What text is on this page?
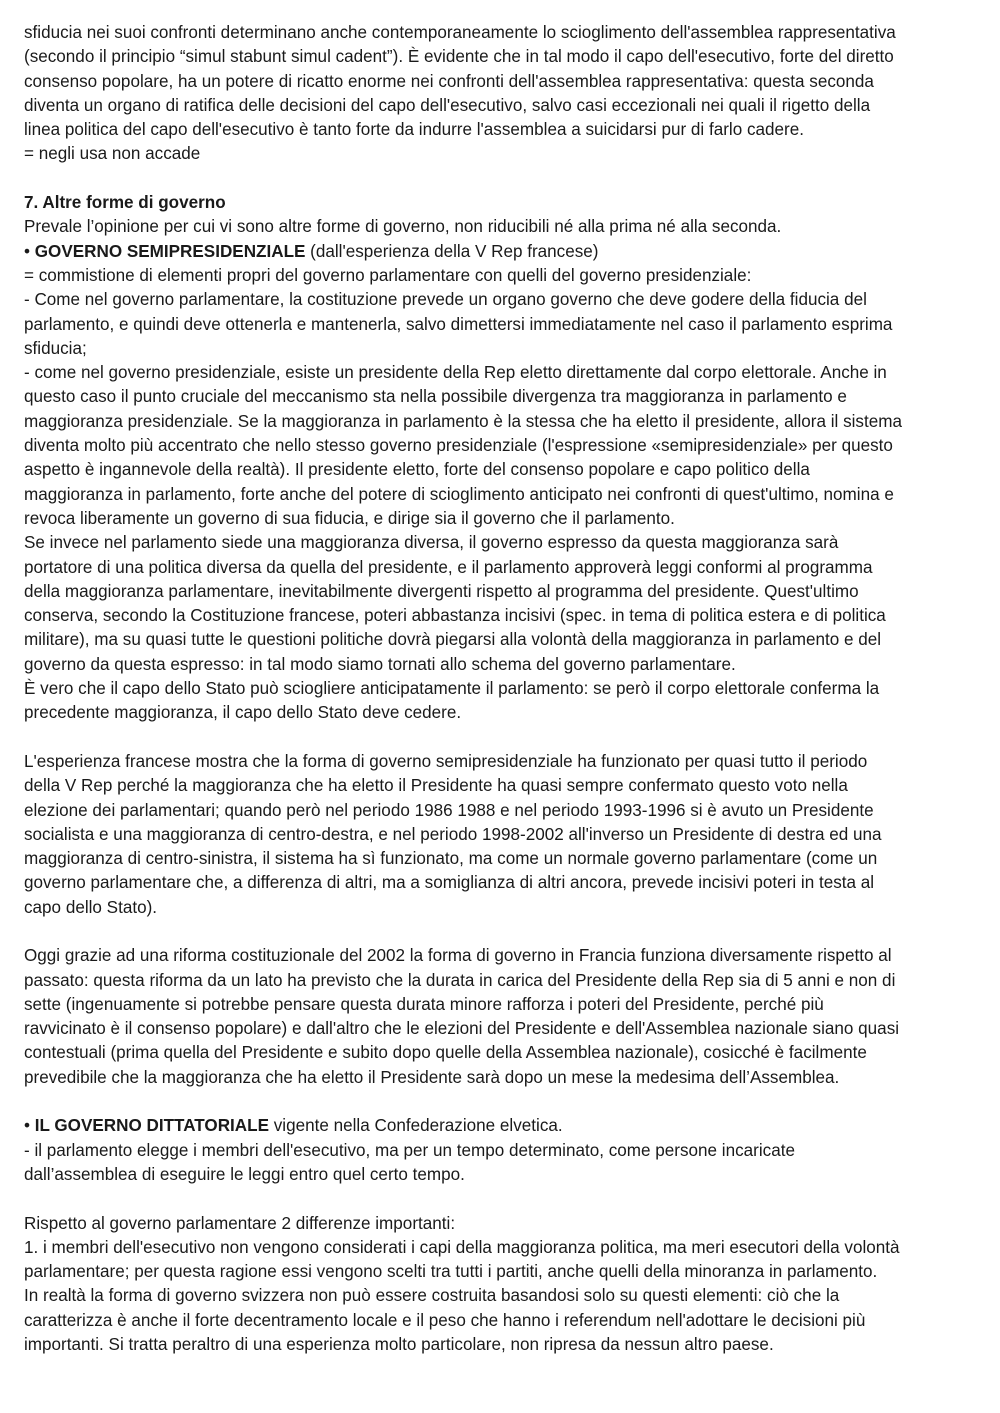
sfiducia nei suoi confronti determinano anche contemporaneamente lo scioglimento dell'assemblea rappresentativa
(secondo il principio “simul stabunt simul cadent”). È evidente che in tal modo il capo dell'esecutivo, forte del diretto
consenso popolare, ha un potere di ricatto enorme nei confronti dell'assemblea rappresentativa: questa seconda
diventa un organo di ratifica delle decisioni del capo dell'esecutivo, salvo casi eccezionali nei quali il rigetto della
linea politica del capo dell'esecutivo è tanto forte da indurre l'assemblea a suicidarsi pur di farlo cadere.
= negli usa non accade
7. Altre forme di governo
Prevale l’opinione per cui vi sono altre forme di governo, non riducibili né alla prima né alla seconda.
• GOVERNO SEMIPRESIDENZIALE (dall'esperienza della V Rep francese)
= commistione di elementi propri del governo parlamentare con quelli del governo presidenziale:
- Come nel governo parlamentare, la costituzione prevede un organo governo che deve godere della fiducia del
parlamento, e quindi deve ottenerla e mantenerla, salvo dimettersi immediatamente nel caso il parlamento esprima
sfiducia;
- come nel governo presidenziale, esiste un presidente della Rep eletto direttamente dal corpo elettorale. Anche in
questo caso il punto cruciale del meccanismo sta nella possibile divergenza tra maggioranza in parlamento e
maggioranza presidenziale. Se la maggioranza in parlamento è la stessa che ha eletto il presidente, allora il sistema
diventa molto più accentrato che nello stesso governo presidenziale (l'espressione «semipresidenziale» per questo
aspetto è ingannevole della realtà). Il presidente eletto, forte del consenso popolare e capo politico della
maggioranza in parlamento, forte anche del potere di scioglimento anticipato nei confronti di quest'ultimo, nomina e
revoca liberamente un governo di sua fiducia, e dirige sia il governo che il parlamento.
Se invece nel parlamento siede una maggioranza diversa, il governo espresso da questa maggioranza sarà
portatore di una politica diversa da quella del presidente, e il parlamento approverà leggi conformi al programma
della maggioranza parlamentare, inevitabilmente divergenti rispetto al programma del presidente. Quest'ultimo
conserva, secondo la Costituzione francese, poteri abbastanza incisivi (spec. in tema di politica estera e di politica
militare), ma su quasi tutte le questioni politiche dovrà piegarsi alla volontà della maggioranza in parlamento e del
governo da questa espresso: in tal modo siamo tornati allo schema del governo parlamentare.
È vero che il capo dello Stato può sciogliere anticipatamente il parlamento: se però il corpo elettorale conferma la
precedente maggioranza, il capo dello Stato deve cedere.
L'esperienza francese mostra che la forma di governo semipresidenziale ha funzionato per quasi tutto il periodo
della V Rep perché la maggioranza che ha eletto il Presidente ha quasi sempre confermato questo voto nella
elezione dei parlamentari; quando però nel periodo 1986 1988 e nel periodo 1993-1996 si è avuto un Presidente
socialista e una maggioranza di centro-destra, e nel periodo 1998-2002 all'inverso un Presidente di destra ed una
maggioranza di centro-sinistra, il sistema ha sì funzionato, ma come un normale governo parlamentare (come un
governo parlamentare che, a differenza di altri, ma a somiglianza di altri ancora, prevede incisivi poteri in testa al
capo dello Stato).
Oggi grazie ad una riforma costituzionale del 2002 la forma di governo in Francia funziona diversamente rispetto al
passato: questa riforma da un lato ha previsto che la durata in carica del Presidente della Rep sia di 5 anni e non di
sette (ingenuamente si potrebbe pensare questa durata minore rafforza i poteri del Presidente, perché più
ravvicinato è il consenso popolare) e dall'altro che le elezioni del Presidente e dell'Assemblea nazionale siano quasi
contestuali (prima quella del Presidente e subito dopo quelle della Assemblea nazionale), cosicché è facilmente
prevedibile che la maggioranza che ha eletto il Presidente sarà dopo un mese la medesima dell’Assemblea.
• IL GOVERNO DITTATORIALE vigente nella Confederazione elvetica.
- il parlamento elegge i membri dell'esecutivo, ma per un tempo determinato, come persone incaricate
dall’assemblea di eseguire le leggi entro quel certo tempo.
Rispetto al governo parlamentare 2 differenze importanti:
1. i membri dell'esecutivo non vengono considerati i capi della maggioranza politica, ma meri esecutori della volontà
parlamentare; per questa ragione essi vengono scelti tra tutti i partiti, anche quelli della minoranza in parlamento.
In realtà la forma di governo svizzera non può essere costruita basandosi solo su questi elementi: ciò che la
caratterizza è anche il forte decentramento locale e il peso che hanno i referendum nell'adottare le decisioni più
importanti. Si tratta peraltro di una esperienza molto particolare, non ripresa da nessun altro paese.
